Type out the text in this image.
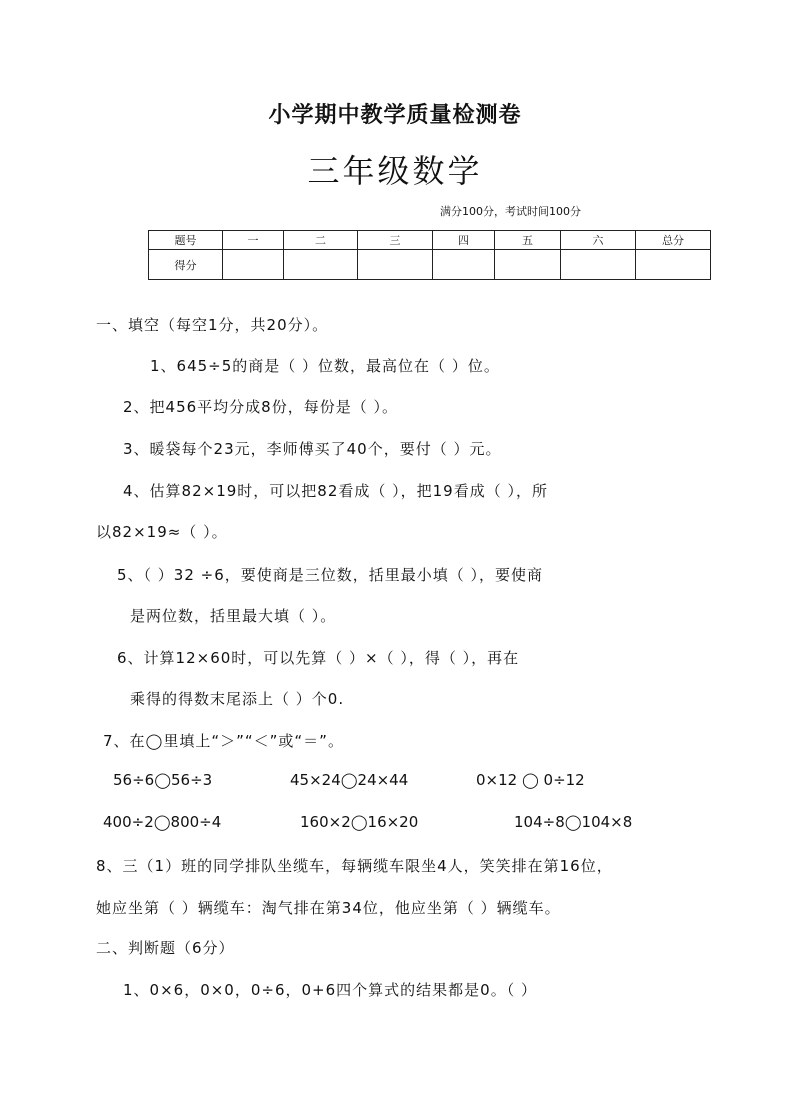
小学期中教学质量检测卷
三年级数学
满分100分，考试时间100分
题号	一	二	三	四	五	六	总分
得分							
一、填空（每空1分，共20分）。
1、645÷5的商是（ ）位数，最高位在（ ）位。
2、把456平均分成8份，每份是（ ）。
3、暖袋每个23元，李师傅买了40个，要付（ ）元。
4、估算82×19时，可以把82看成（ ），把19看成（ ），所
以82×19≈（ ）。
5、（ ）32 ÷6，要使商是三位数，括里最小填（ ），要使商
是两位数，括里最大填（ ）。
6、计算12×60时，可以先算（ ）×（ ），得（ ），再在
乘得的得数末尾添上（ ）个0.
7、在◯里填上“＞”“＜”或“＝”。
56÷6◯56÷3	45×24◯24×44	0×12 ◯ 0÷12
400÷2◯800÷4	160×2◯16×20	104÷8◯104×8
8、三（1）班的同学排队坐缆车，每辆缆车限坐4人，笑笑排在第16位，
她应坐第（ ）辆缆车：淘气排在第34位，他应坐第（ ）辆缆车。
二、判断题（6分）
1、0×6，0×0，0÷6，0+6四个算式的结果都是0。（ ）
